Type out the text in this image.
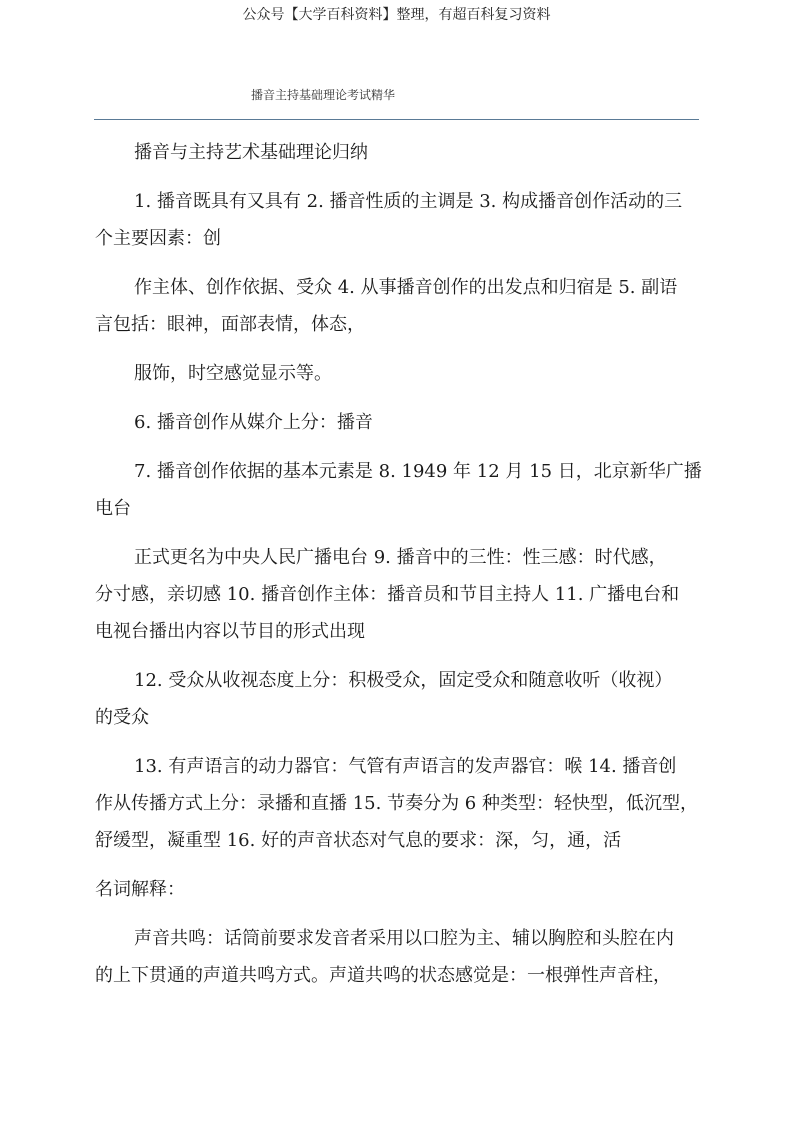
公众号【大学百科资料】整理，有超百科复习资料
播音主持基础理论考试精华
播音与主持艺术基础理论归纳
1. 播音既具有又具有 2. 播音性质的主调是 3. 构成播音创作活动的三
个主要因素：创
作主体、创作依据、受众 4. 从事播音创作的出发点和归宿是 5. 副语
言包括：眼神，面部表情，体态，
服饰，时空感觉显示等。
6. 播音创作从媒介上分：播音
7. 播音创作依据的基本元素是 8. 1949 年 12 月 15 日，北京新华广播
电台
正式更名为中央人民广播电台 9. 播音中的三性：性三感：时代感，
分寸感，亲切感 10. 播音创作主体：播音员和节目主持人 11. 广播电台和
电视台播出内容以节目的形式出现
12. 受众从收视态度上分：积极受众，固定受众和随意收听（收视）
的受众
13. 有声语言的动力器官：气管有声语言的发声器官：喉 14. 播音创
作从传播方式上分：录播和直播 15. 节奏分为 6 种类型：轻快型，低沉型，
舒缓型，凝重型 16. 好的声音状态对气息的要求：深，匀，通，活
名词解释：
声音共鸣：话筒前要求发音者采用以口腔为主、辅以胸腔和头腔在内
的上下贯通的声道共鸣方式。声道共鸣的状态感觉是：一根弹性声音柱，
